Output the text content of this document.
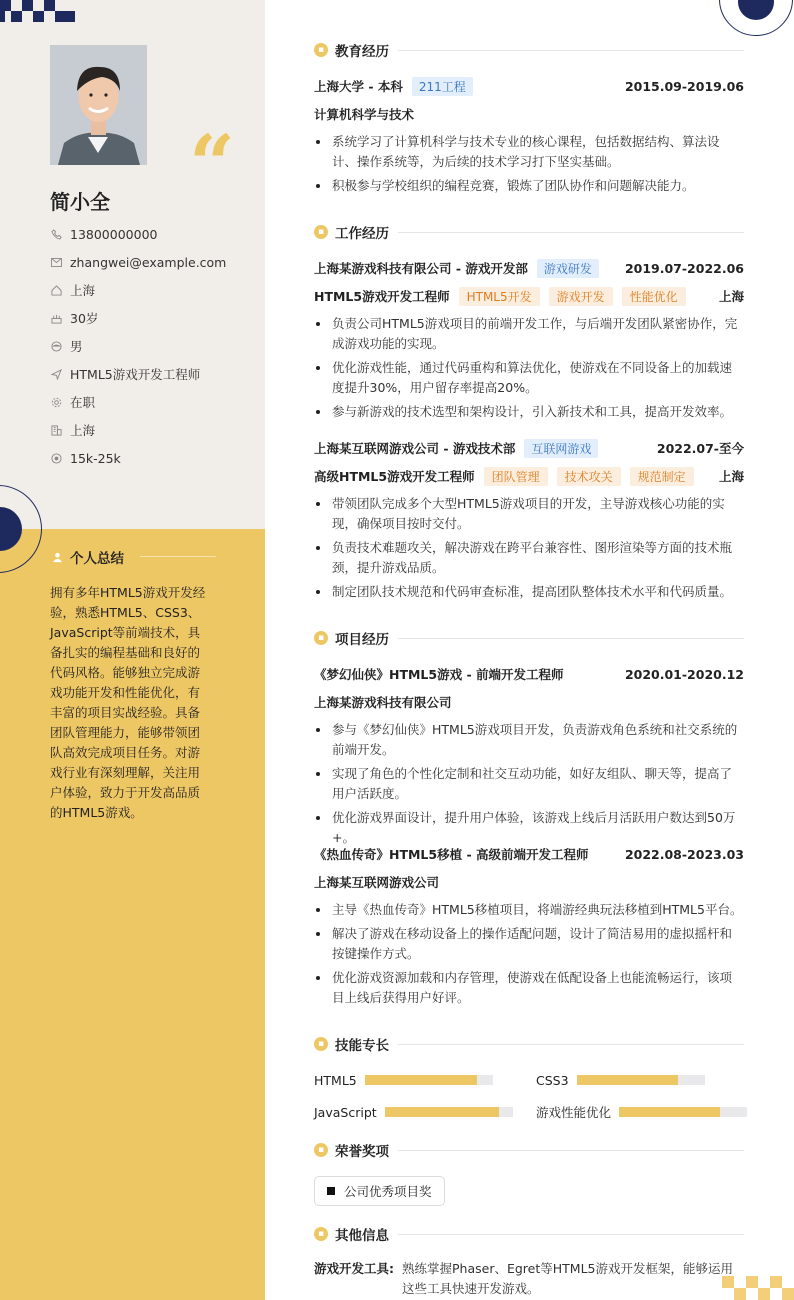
“
简小全
13800000000
zhangwei@example.com
上海
30岁
男
HTML5游戏开发工程师
在职
上海
15k-25k
个人总结
拥有多年HTML5游戏开发经验，熟悉HTML5、CSS3、JavaScript等前端技术，具备扎实的编程基础和良好的代码风格。能够独立完成游戏功能开发和性能优化，有丰富的项目实战经验。具备团队管理能力，能够带领团队高效完成项目任务。对游戏行业有深刻理解，关注用户体验，致力于开发高品质的HTML5游戏。
▪ 教育经历
上海大学 - 本科	211工程	2015.09-2019.06
计算机科学与技术
系统学习了计算机科学与技术专业的核心课程，包括数据结构、算法设计、操作系统等，为后续的技术学习打下坚实基础。
积极参与学校组织的编程竞赛，锻炼了团队协作和问题解决能力。
▪ 工作经历
上海某游戏科技有限公司 - 游戏开发部	游戏研发	2019.07-2022.06
HTML5游戏开发工程师	HTML5开发	游戏开发	性能优化	上海
负责公司HTML5游戏项目的前端开发工作，与后端开发团队紧密协作，完成游戏功能的实现。
优化游戏性能，通过代码重构和算法优化，使游戏在不同设备上的加载速度提升30%，用户留存率提高20%。
参与新游戏的技术选型和架构设计，引入新技术和工具，提高开发效率。
上海某互联网游戏公司 - 游戏技术部	互联网游戏	2022.07-至今
高级HTML5游戏开发工程师	团队管理	技术攻关	规范制定	上海
带领团队完成多个大型HTML5游戏项目的开发，主导游戏核心功能的实现，确保项目按时交付。
负责技术难题攻关，解决游戏在跨平台兼容性、图形渲染等方面的技术瓶颈，提升游戏品质。
制定团队技术规范和代码审查标准，提高团队整体技术水平和代码质量。
▪ 项目经历
《梦幻仙侠》HTML5游戏 - 前端开发工程师	2020.01-2020.12
上海某游戏科技有限公司
参与《梦幻仙侠》HTML5游戏项目开发，负责游戏角色系统和社交系统的前端开发。
实现了角色的个性化定制和社交互动功能，如好友组队、聊天等，提高了用户活跃度。
优化游戏界面设计，提升用户体验，该游戏上线后月活跃用户数达到50万+。
《热血传奇》HTML5移植 - 高级前端开发工程师	2022.08-2023.03
上海某互联网游戏公司
主导《热血传奇》HTML5移植项目，将端游经典玩法移植到HTML5平台。
解决了游戏在移动设备上的操作适配问题，设计了简洁易用的虚拟摇杆和按键操作方式。
优化游戏资源加载和内存管理，使游戏在低配设备上也能流畅运行，该项目上线后获得用户好评。
▪ 技能专长
HTML5	CSS3
JavaScript	游戏性能优化
▪ 荣誉奖项
公司优秀项目奖
▪ 其他信息
游戏开发工具: 熟练掌握Phaser、Egret等HTML5游戏开发框架，能够运用这些工具快速开发游戏。
